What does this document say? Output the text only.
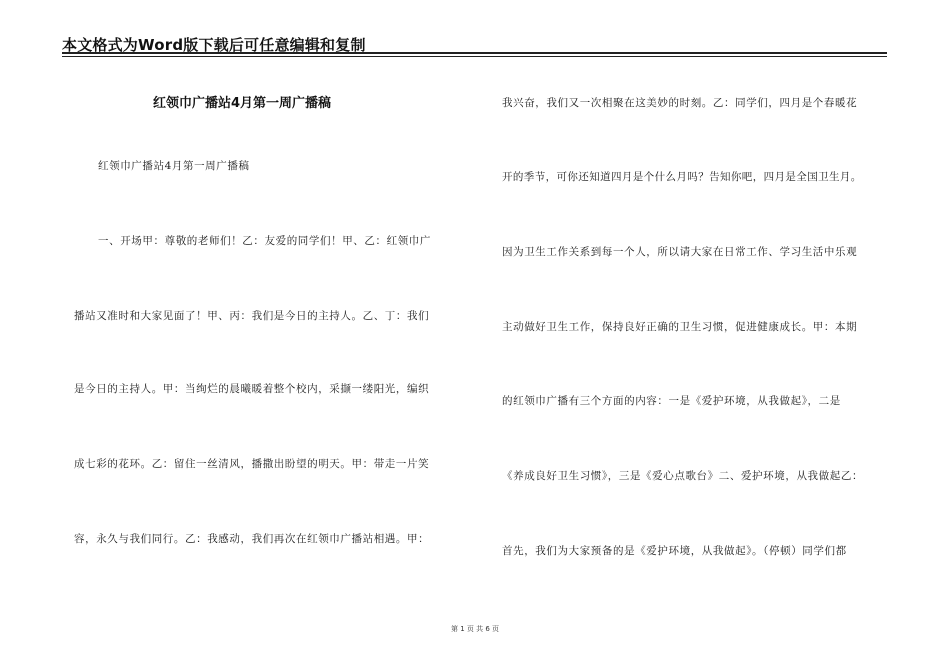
本文格式为Word版下载后可任意编辑和复制
红领巾广播站4月第一周广播稿
红领巾广播站4月第一周广播稿
一、开场甲：尊敬的老师们！乙：友爱的同学们！甲、乙：红领巾广
播站又准时和大家见面了！甲、丙：我们是今日的主持人。乙、丁：我们
是今日的主持人。甲：当绚烂的晨曦暖着整个校内，采撷一缕阳光，编织
成七彩的花环。乙：留住一丝清风，播撒出盼望的明天。甲：带走一片笑
容，永久与我们同行。乙：我感动，我们再次在红领巾广播站相遇。甲：
我兴奋，我们又一次相聚在这美妙的时刻。乙：同学们，四月是个春暖花
开的季节，可你还知道四月是个什么月吗？告知你吧，四月是全国卫生月。
因为卫生工作关系到每一个人，所以请大家在日常工作、学习生活中乐观
主动做好卫生工作，保持良好正确的卫生习惯，促进健康成长。甲：本期
的红领巾广播有三个方面的内容：一是《爱护环境，从我做起》，二是
《养成良好卫生习惯》，三是《爱心点歌台》二、爱护环境，从我做起乙：
首先，我们为大家预备的是《爱护环境，从我做起》。（停顿）同学们都
第 1 页 共 6 页
